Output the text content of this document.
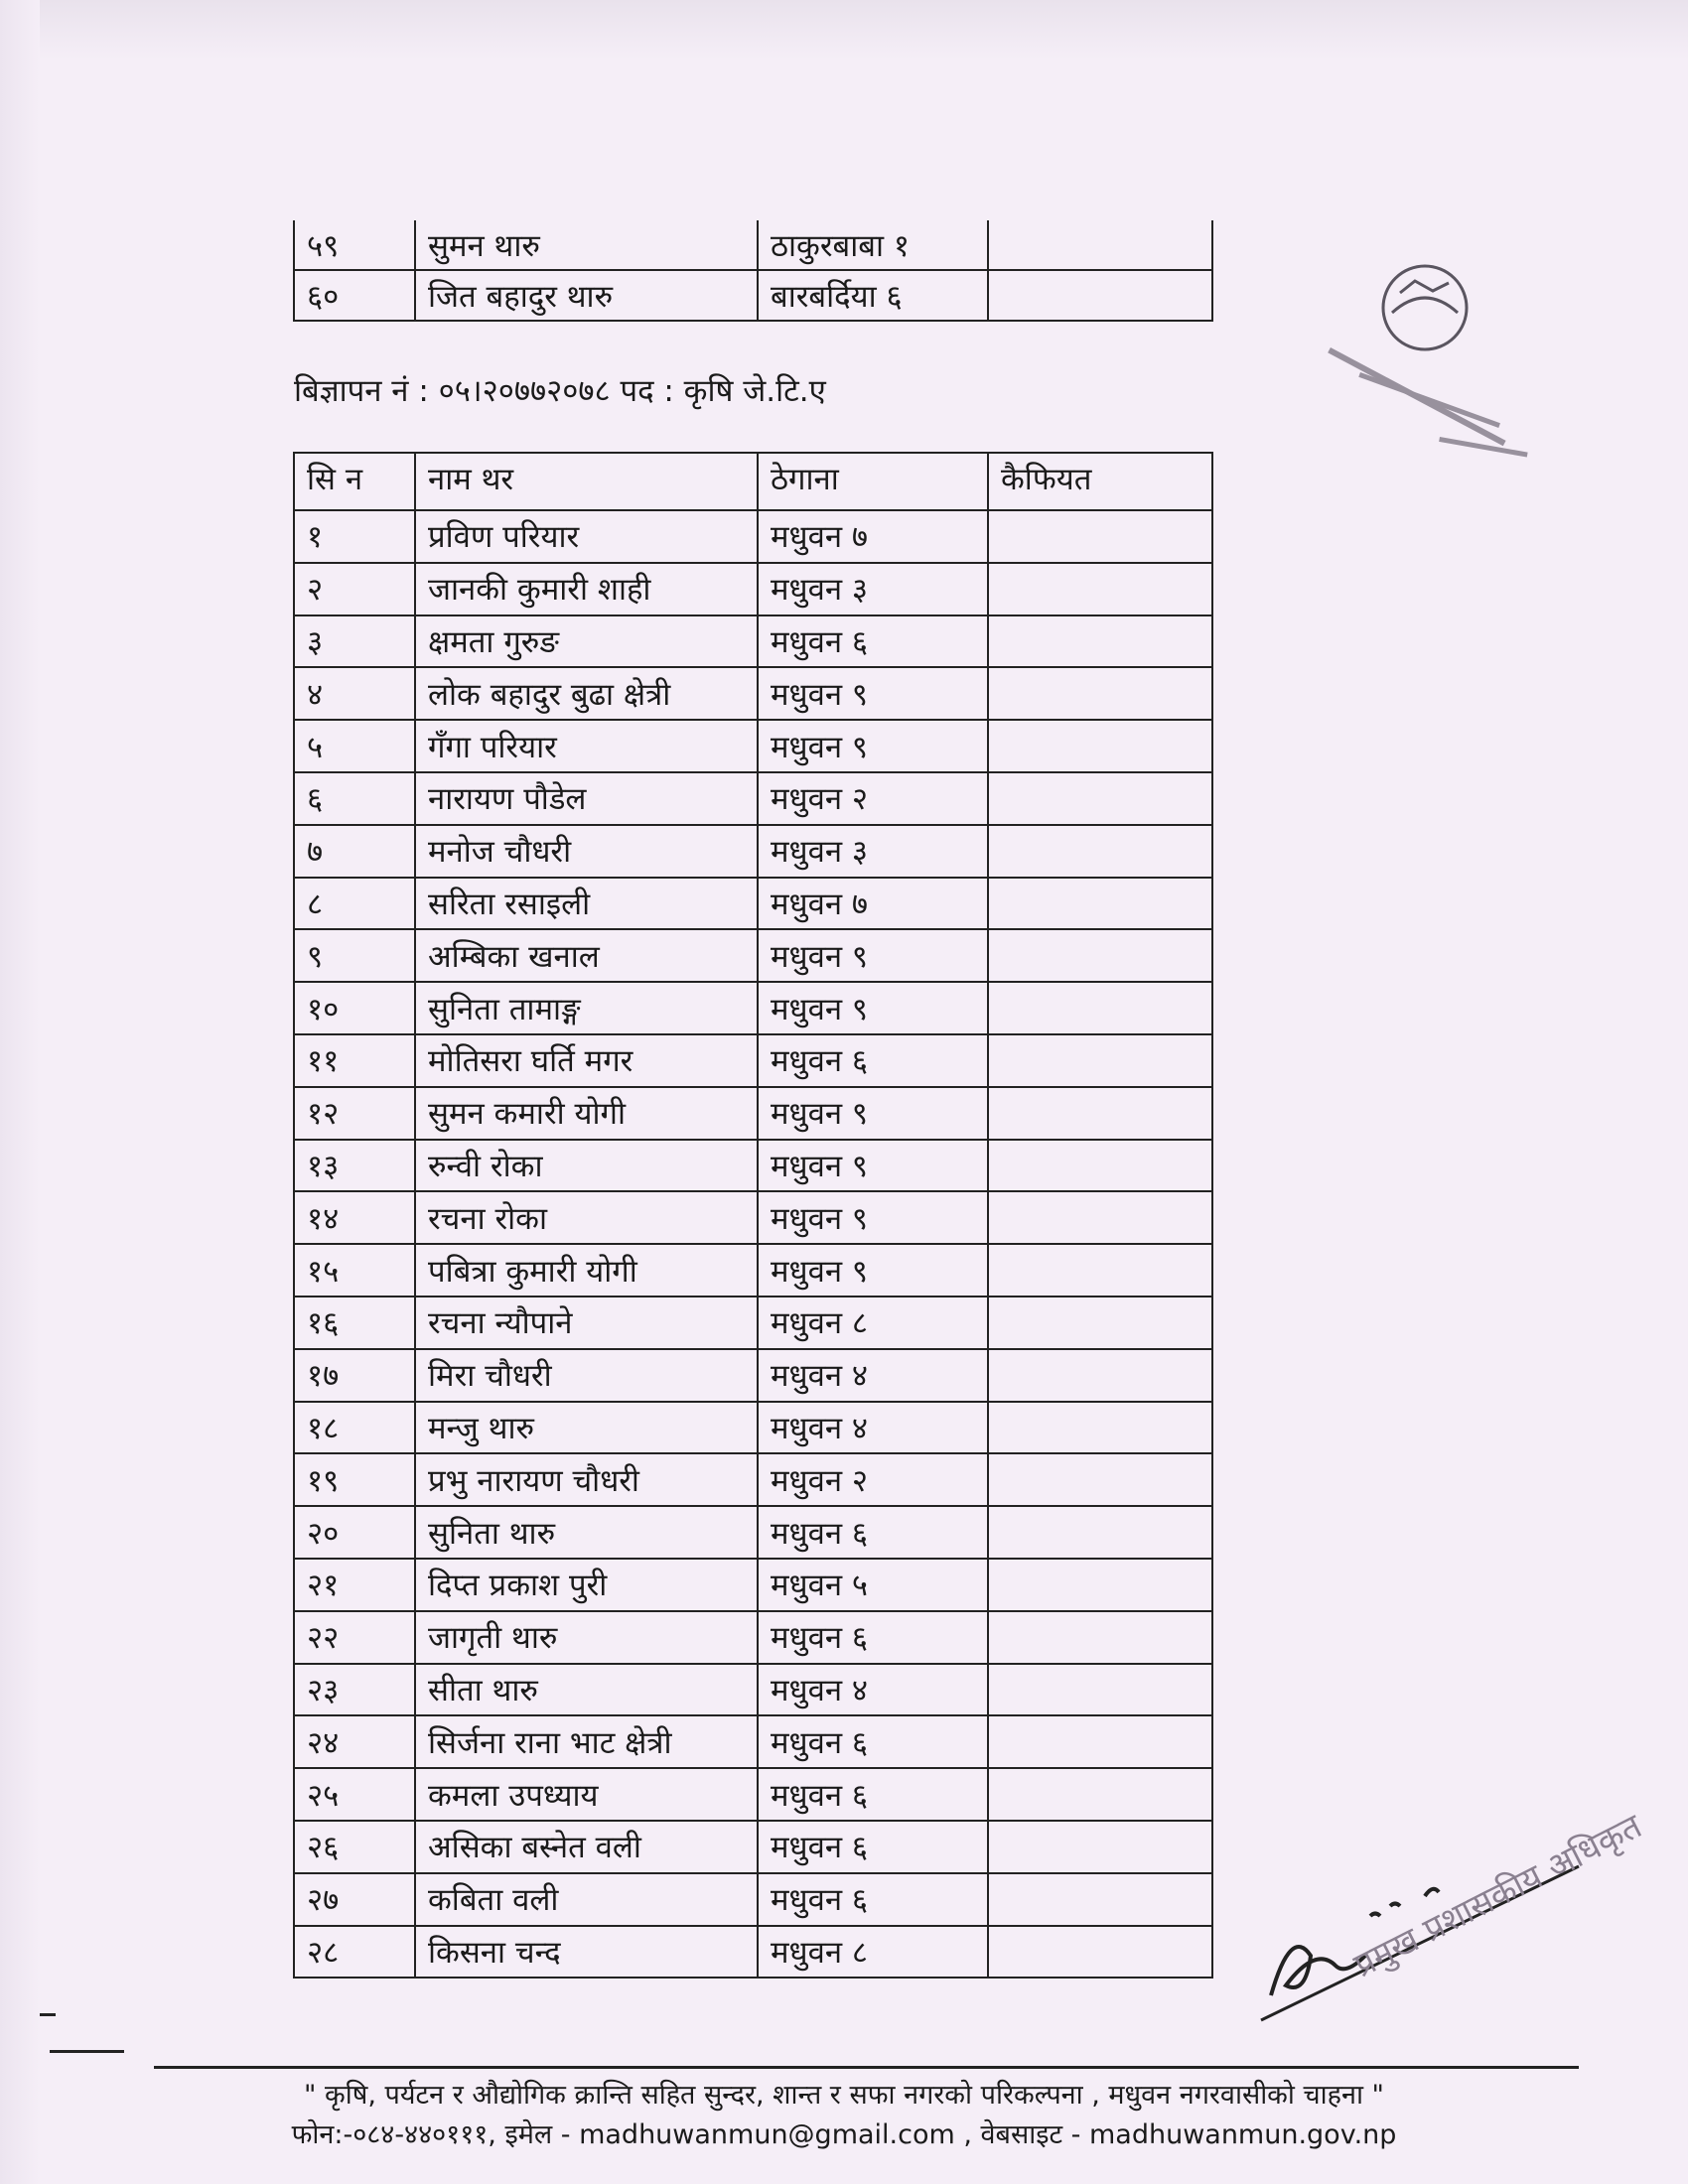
५९	सुमन थारु	ठाकुरबाबा १	
६०	जित बहादुर थारु	बारबर्दिया ६	
बिज्ञापन नं : ०५।२०७७२०७८ पद : कृषि जे.टि.ए
सि न	नाम थर	ठेगाना	कैफियत
१	प्रविण परियार	मधुवन ७	
२	जानकी कुमारी शाही	मधुवन ३	
३	क्षमता गुरुङ	मधुवन ६	
४	लोक बहादुर बुढा क्षेत्री	मधुवन ९	
५	गँगा परियार	मधुवन ९	
६	नारायण पौडेल	मधुवन २	
७	मनोज चौधरी	मधुवन ३	
८	सरिता रसाइली	मधुवन ७	
९	अम्बिका खनाल	मधुवन ९	
१०	सुनिता तामाङ्ग	मधुवन ९	
११	मोतिसरा घर्ति मगर	मधुवन ६	
१२	सुमन कमारी योगी	मधुवन ९	
१३	रुन्वी रोका	मधुवन ९	
१४	रचना रोका	मधुवन ९	
१५	पबित्रा कुमारी योगी	मधुवन ९	
१६	रचना न्यौपाने	मधुवन ८	
१७	मिरा चौधरी	मधुवन ४	
१८	मन्जु थारु	मधुवन ४	
१९	प्रभु नारायण चौधरी	मधुवन २	
२०	सुनिता थारु	मधुवन ६	
२१	दिप्त प्रकाश पुरी	मधुवन ५	
२२	जागृती थारु	मधुवन ६	
२३	सीता थारु	मधुवन ४	
२४	सिर्जना राना भाट क्षेत्री	मधुवन ६	
२५	कमला उपध्याय	मधुवन ६	
२६	असिका बस्नेत वली	मधुवन ६	
२७	कबिता वली	मधुवन ६	
२८	किसना चन्द	मधुवन ८		प्रमुख प्रशासकीय अधिकृत
" कृषि, पर्यटन र औद्योगिक क्रान्ति सहित सुन्दर, शान्त र सफा नगरको परिकल्पना , मधुवन नगरवासीको चाहना "
फोन:-०८४-४४०१११, इमेल - madhuwanmun@gmail.com , वेबसाइट - madhuwanmun.gov.np
